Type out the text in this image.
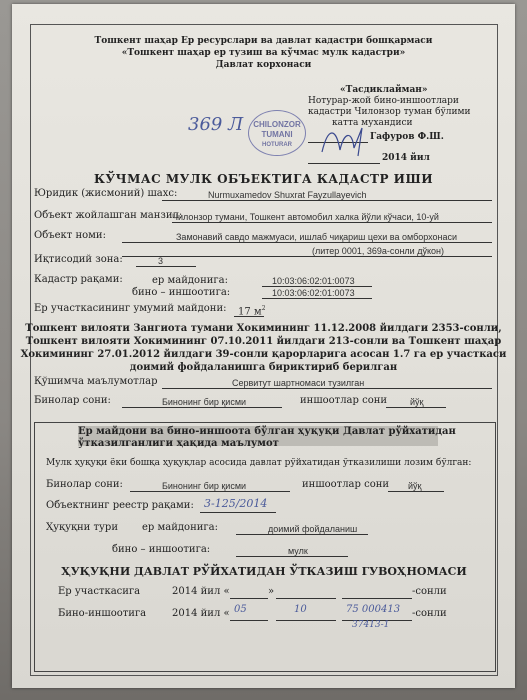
Тошкент шаҳар Ер ресурслари ва давлат кадастри бошқармаси
«Тошкент шаҳар ер тузиш ва кўчмас мулк кадастри»
Давлат корхонаси
«Тасдиклайман»
Нотурар-жой бино-иншоотлари
кадастри Чилонзор туман бўлими
катта мухандиси
Гафуров Ф.Ш.
2014 йил
CHILONZOR
TUMANI
HOTURAR
369 Л
КЎЧМАС МУЛК ОБЪЕКТИГА КАДАСТР ИШИ
Юридик (жисмоний) шахс:	Nurmuxamedov Shuxrat Fayzullayevich
Объект жойлашган манзил:
Чилонзор тумани, Тошкент автомобил халка йўли кўчаси, 10-уй
Объект номи:	Замонавий савдо мажмуаси, ишлаб чиқариш цехи ва омборхонаси
(литер 0001, 369а-сонли дўкон)
Иқтисодий зона:	3
Кадастр рақами:	ер майдонига:	10:03:06:02:01:0073
бино – иншоотига:	10:03:06:02:01:0073
Ер участкасининг умумий майдони: 17 $м^2$
Тошкент вилояти Зангиота тумани Хокимининг 11.12.2008 йилдаги 2353-сонли,
Тошкент вилояти Хокимининг 07.10.2011 йилдаги 213-сонли ва Тошкент шаҳар
Хокимининг 27.01.2012 йилдаги 39-сонли қарорларига асосан 1.7 га ер участкаси
доимий фойдаланишга бириктириб берилган
Қўшимча маълумотлар	Сервитут шартномаси тузилган
Бинолар сони:	Бинонинг бир қисми	иншоотлар сони	йўқ
Ер майдони ва бино-иншоота бўлган ҳуқуқи Давлат рўйхатидан
ўтказилганлиги ҳақида маълумот
Мулк ҳуқуқи ёки бошқа ҳуқуқлар асосида давлат рўйхатидан ўтказилиши лозим бўлган:
Бинолар сони:	Бинонинг бир қисми	иншоотлар сони йўқ
Объектнинг реестр рақами: 3-125/2014
Ҳуқуқни тури ер майдонига:	доимий фойдаланиш
бино – иншоотига:	мулк
ҲУҚУҚНИ ДАВЛАТ РЎЙХАТИДАН ЎТКАЗИШ ГУВОҲНОМАСИ
Ер участкасига	2014 йил «	»	-сонли
Бино-иншоотига	2014 йил « 05	10	75 000413 -сонли
37413-1
